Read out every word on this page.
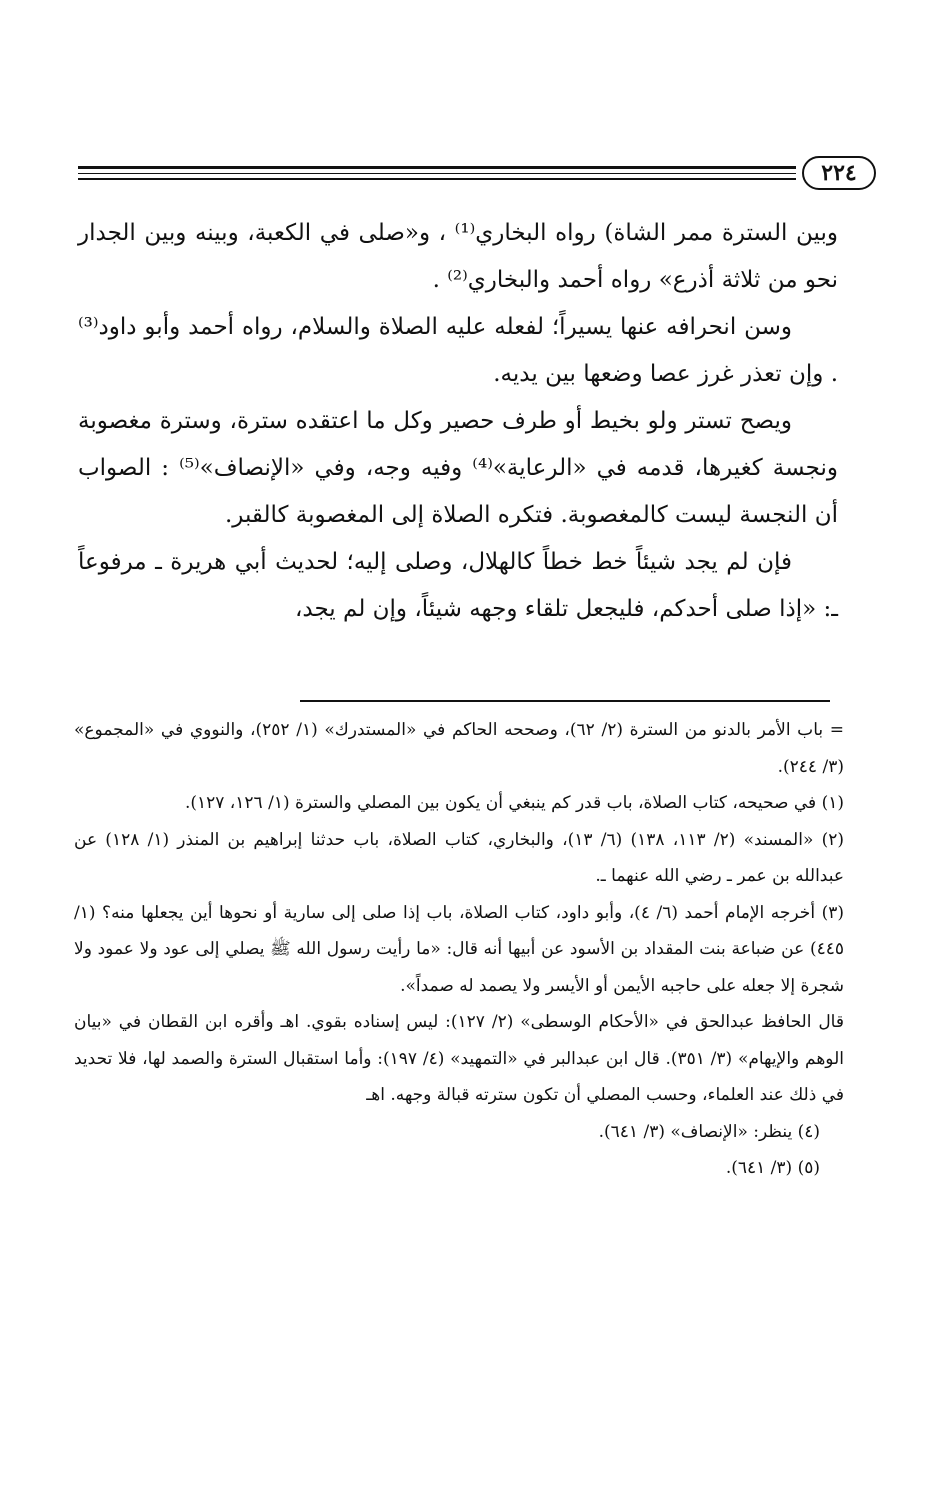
٢٢٤

وبين السترة ممر الشاة) رواه البخاري⁽¹⁾ ، و«صلى في الكعبة، وبينه وبين الجدار نحو من ثلاثة أذرع» رواه أحمد والبخاري⁽²⁾ .

وسن انحرافه عنها يسيراً؛ لفعله عليه الصلاة والسلام، رواه أحمد وأبو داود⁽³⁾ . وإن تعذر غرز عصا وضعها بين يديه.

ويصح تستر ولو بخيط أو طرف حصير وكل ما اعتقده سترة، وسترة مغصوبة ونجسة كغيرها، قدمه في «الرعاية»⁽⁴⁾ وفيه وجه، وفي «الإنصاف»⁽⁵⁾ : الصواب أن النجسة ليست كالمغصوبة. فتكره الصلاة إلى المغصوبة كالقبر.

فإن لم يجد شيئاً خط خطاً كالهلال، وصلى إليه؛ لحديث أبي هريرة ـ مرفوعاً ـ: «إذا صلى أحدكم، فليجعل تلقاء وجهه شيئاً، وإن لم يجد،

= باب الأمر بالدنو من السترة (٢/ ٦٢)، وصححه الحاكم في «المستدرك» (١/ ٢٥٢)، والنووي في «المجموع» (٣/ ٢٤٤).

(١) في صحيحه، كتاب الصلاة، باب قدر كم ينبغي أن يكون بين المصلي والسترة (١/ ١٢٦، ١٢٧).

(٢) «المسند» (٢/ ١١٣، ١٣٨) (٦/ ١٣)، والبخاري، كتاب الصلاة، باب حدثنا إبراهيم بن المنذر (١/ ١٢٨) عن عبدالله بن عمر ـ رضي الله عنهما ـ.

(٣) أخرجه الإمام أحمد (٦/ ٤)، وأبو داود، كتاب الصلاة، باب إذا صلى إلى سارية أو نحوها أين يجعلها منه؟ (١/ ٤٤٥) عن ضباعة بنت المقداد بن الأسود عن أبيها أنه قال: «ما رأيت رسول الله ﷺ يصلي إلى عود ولا عمود ولا شجرة إلا جعله على حاجبه الأيمن أو الأيسر ولا يصمد له صمداً».

قال الحافظ عبدالحق في «الأحكام الوسطى» (٢/ ١٢٧): ليس إسناده بقوي. اهـ وأقره ابن القطان في «بيان الوهم والإيهام» (٣/ ٣٥١). قال ابن عبدالبر في «التمهيد» (٤/ ١٩٧): وأما استقبال السترة والصمد لها، فلا تحديد في ذلك عند العلماء، وحسب المصلي أن تكون سترته قبالة وجهه. اهـ

(٤) ينظر: «الإنصاف» (٣/ ٦٤١).

(٥) (٣/ ٦٤١).
